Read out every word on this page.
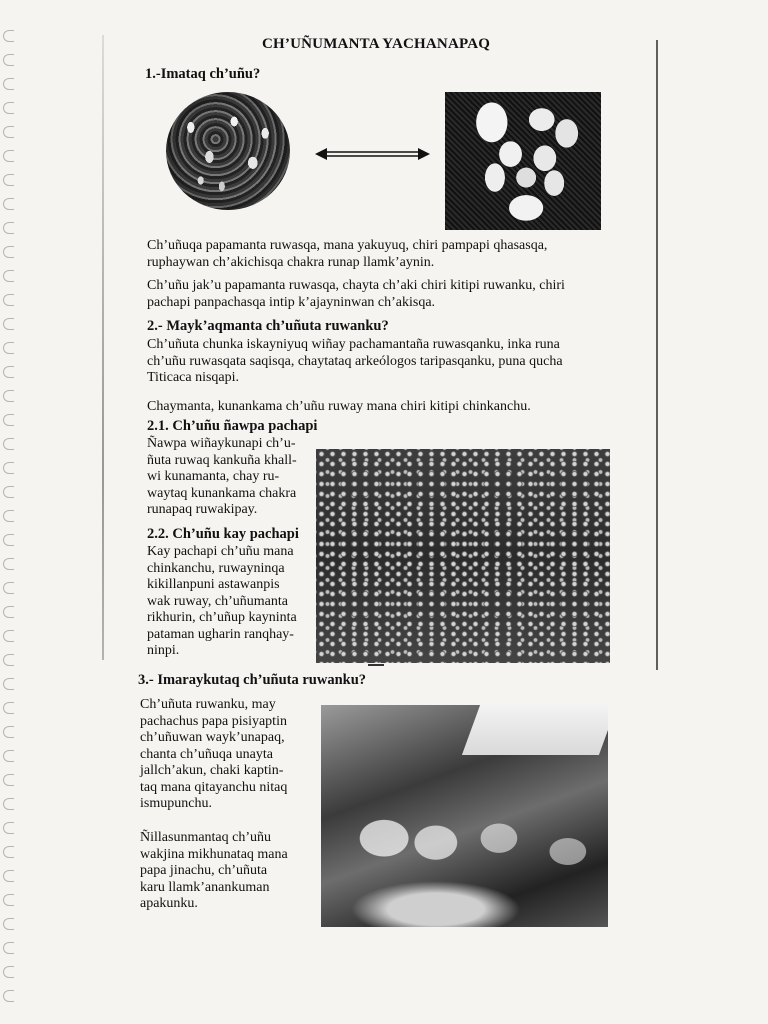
CH’UÑUMANTA YACHANAPAQ
1.-Imataq ch’uñu?
Ch’uñuqa papamanta ruwasqa, mana yakuyuq, chiri pampapi qhasasqa,
ruphaywan ch’akichisqa chakra runap llamk’aynin.
Ch’uñu jak’u papamanta ruwasqa, chayta ch’aki chiri kitipi ruwanku, chiri
pachapi panpachasqa intip k’ajayninwan ch’akisqa.
2.- Mayk’aqmanta ch’uñuta ruwanku?
Ch’uñuta chunka iskayniyuq wiñay pachamantaña ruwasqanku, inka runa
ch’uñu ruwasqata saqisqa, chaytataq arkeólogos taripasqanku, puna qucha
Titicaca nisqapi.
Chaymanta, kunankama ch’uñu ruway mana chiri kitipi chinkanchu.
2.1. Ch’uñu ñawpa pachapi
Ñawpa wiñaykunapi ch’u-
ñuta ruwaq kankuña khall-
wi kunamanta, chay ru-
waytaq kunankama chakra
runapaq ruwakipay.
2.2. Ch’uñu kay pachapi
Kay pachapi ch’uñu mana
chinkanchu, ruwayninqa
kikillanpuni astawanpis
wak ruway, ch’uñumanta
rikhurin, ch’uñup kayninta
pataman ugharin ranqhay-
ninpi.
3.- Imaraykutaq ch’uñuta ruwanku?
Ch’uñuta ruwanku, may
pachachus papa pisiyaptin
ch’uñuwan wayk’unapaq,
chanta ch’uñuqa unayta
jallch’akun, chaki kaptin-
taq mana qitayanchu nitaq
ismupunchu.
Ñillasunmantaq ch’uñu
wakjina mikhunataq mana
papa jinachu, ch’uñuta
karu llamk’anankuman
apakunku.
